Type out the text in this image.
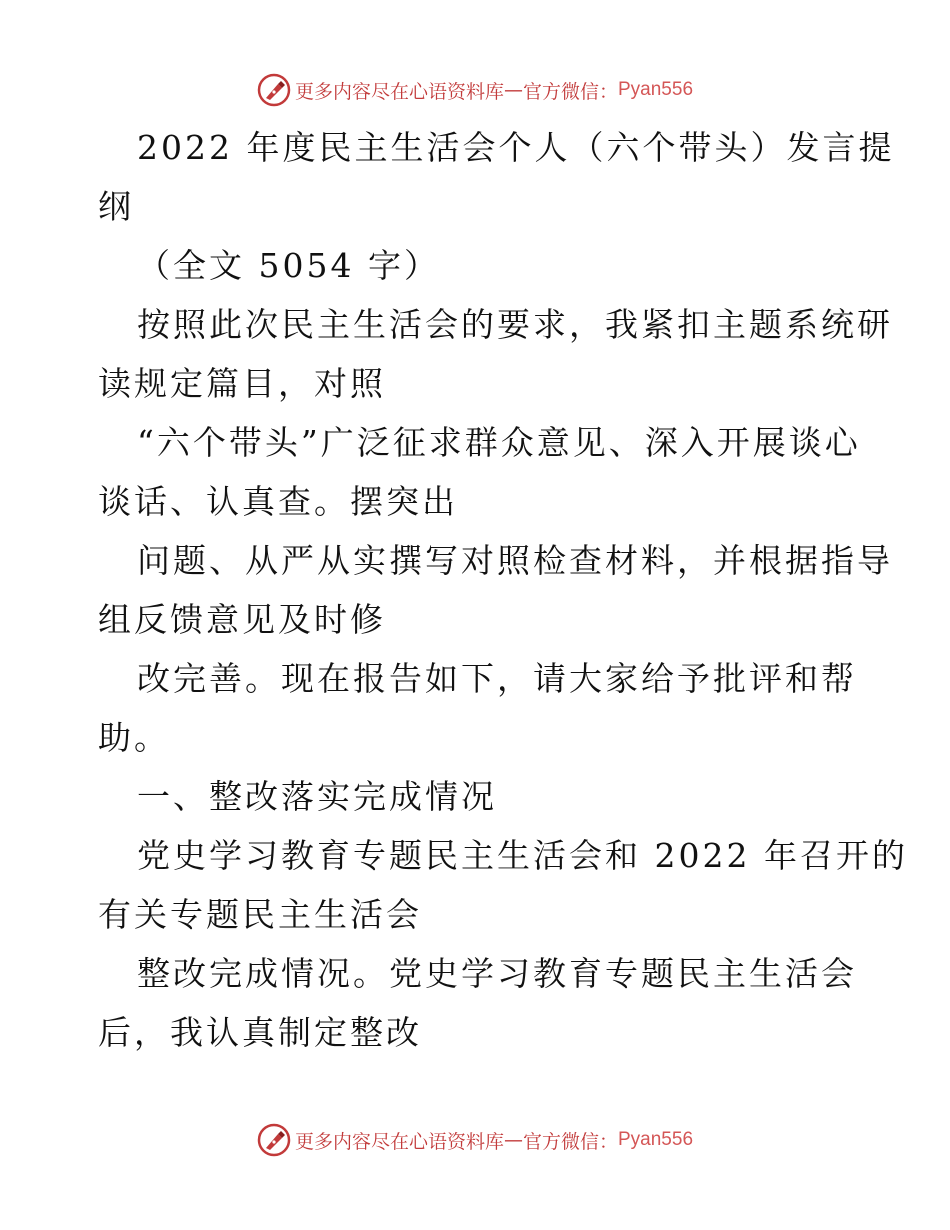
更多内容尽在心语资料库 — 官方微信： Pyan556

2022 年度民主生活会个人（六个带头）发言提

纲

（全文 5054 字）

按照此次民主生活会的要求，我紧扣主题系统研

读规定篇目，对照

“六个带头”广泛征求群众意见、深入开展谈心

谈话、认真查。摆突出

问题、从严从实撰写对照检查材料，并根据指导

组反馈意见及时修

改完善。现在报告如下，请大家给予批评和帮

助。

一、整改落实完成情况

党史学习教育专题民主生活会和 2022 年召开的

有关专题民主生活会

整改完成情况。党史学习教育专题民主生活会

后，我认真制定整改

更多内容尽在心语资料库 — 官方微信： Pyan556
